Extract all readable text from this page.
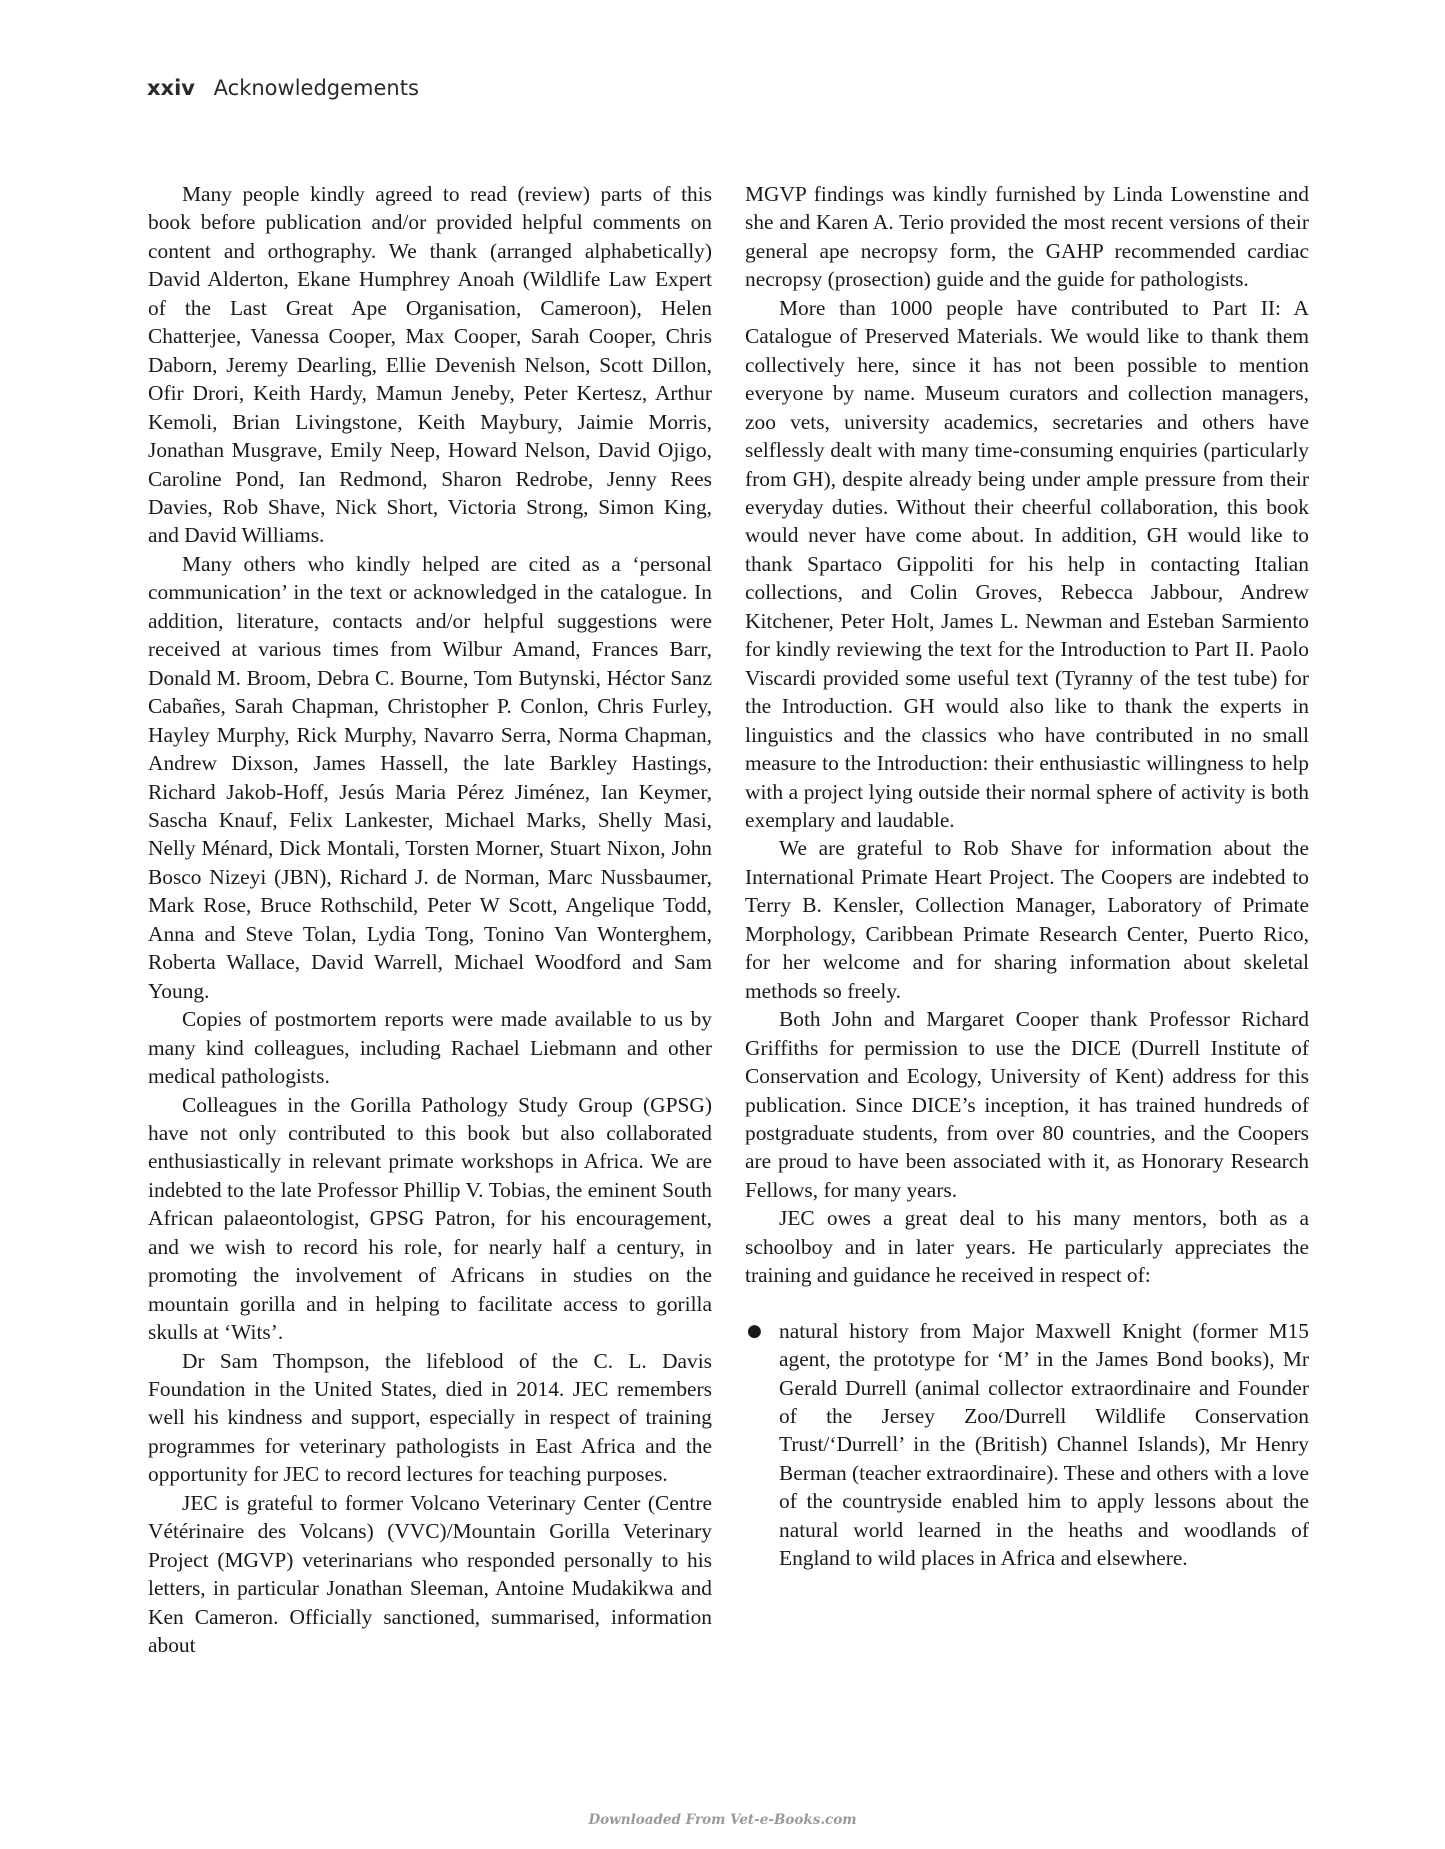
xxiv Acknowledgements

Many people kindly agreed to read (review) parts of this book before publication and/or provided helpful comments on content and orthography. We thank (arranged alphabetically) David Alderton, Ekane Humphrey Anoah (Wildlife Law Expert of the Last Great Ape Organisation, Cameroon), Helen Chatterjee, Vanessa Cooper, Max Cooper, Sarah Cooper, Chris Daborn, Jeremy Dearling, Ellie Devenish Nelson, Scott Dillon, Ofir Drori, Keith Hardy, Mamun Jeneby, Peter Kertesz, Arthur Kemoli, Brian Livingstone, Keith Maybury, Jaimie Morris, Jonathan Musgrave, Emily Neep, Howard Nelson, David Ojigo, Caroline Pond, Ian Redmond, Sharon Redrobe, Jenny Rees Davies, Rob Shave, Nick Short, Victoria Strong, Simon King, and David Williams.

Many others who kindly helped are cited as a ‘personal communication’ in the text or acknowledged in the catalogue. In addition, literature, contacts and/or helpful suggestions were received at various times from Wilbur Amand, Frances Barr, Donald M. Broom, Debra C. Bourne, Tom Butynski, Héctor Sanz Cabañes, Sarah Chapman, Christopher P. Conlon, Chris Furley, Hayley Murphy, Rick Murphy, Navarro Serra, Norma Chapman, Andrew Dixson, James Hassell, the late Barkley Hastings, Richard Jakob-Hoff, Jesús Maria Pérez Jiménez, Ian Keymer, Sascha Knauf, Felix Lankester, Michael Marks, Shelly Masi, Nelly Ménard, Dick Montali, Torsten Morner, Stuart Nixon, John Bosco Nizeyi (JBN), Richard J. de Norman, Marc Nussbaumer, Mark Rose, Bruce Rothschild, Peter W Scott, Angelique Todd, Anna and Steve Tolan, Lydia Tong, Tonino Van Wonterghem, Roberta Wallace, David Warrell, Michael Woodford and Sam Young.

Copies of postmortem reports were made available to us by many kind colleagues, including Rachael Liebmann and other medical pathologists.

Colleagues in the Gorilla Pathology Study Group (GPSG) have not only contributed to this book but also collaborated enthusiastically in relevant primate workshops in Africa. We are indebted to the late Professor Phillip V. Tobias, the eminent South African palaeontologist, GPSG Patron, for his encouragement, and we wish to record his role, for nearly half a century, in promoting the involvement of Africans in studies on the mountain gorilla and in helping to facilitate access to gorilla skulls at ‘Wits’.

Dr Sam Thompson, the lifeblood of the C. L. Davis Foundation in the United States, died in 2014. JEC remembers well his kindness and support, especially in respect of training programmes for veterinary pathologists in East Africa and the opportunity for JEC to record lectures for teaching purposes.

JEC is grateful to former Volcano Veterinary Center (Centre Vétérinaire des Volcans) (VVC)/Mountain Gorilla Veterinary Project (MGVP) veterinarians who responded personally to his letters, in particular Jonathan Sleeman, Antoine Mudakikwa and Ken Cameron. Officially sanctioned, summarised, information about

MGVP findings was kindly furnished by Linda Lowenstine and she and Karen A. Terio provided the most recent versions of their general ape necropsy form, the GAHP recommended cardiac necropsy (prosection) guide and the guide for pathologists.

More than 1000 people have contributed to Part II: A Catalogue of Preserved Materials. We would like to thank them collectively here, since it has not been possible to mention everyone by name. Museum curators and collection managers, zoo vets, university academics, secretaries and others have selflessly dealt with many time-consuming enquiries (particularly from GH), despite already being under ample pressure from their everyday duties. Without their cheerful collaboration, this book would never have come about. In addition, GH would like to thank Spartaco Gippoliti for his help in contacting Italian collections, and Colin Groves, Rebecca Jabbour, Andrew Kitchener, Peter Holt, James L. Newman and Esteban Sarmiento for kindly reviewing the text for the Introduction to Part II. Paolo Viscardi provided some useful text (Tyranny of the test tube) for the Introduction. GH would also like to thank the experts in linguistics and the classics who have contributed in no small measure to the Introduction: their enthusiastic willingness to help with a project lying outside their normal sphere of activity is both exemplary and laudable.

We are grateful to Rob Shave for information about the International Primate Heart Project. The Coopers are indebted to Terry B. Kensler, Collection Manager, Laboratory of Primate Morphology, Caribbean Primate Research Center, Puerto Rico, for her welcome and for sharing information about skeletal methods so freely.

Both John and Margaret Cooper thank Professor Richard Griffiths for permission to use the DICE (Durrell Institute of Conservation and Ecology, University of Kent) address for this publication. Since DICE’s inception, it has trained hundreds of postgraduate students, from over 80 countries, and the Coopers are proud to have been associated with it, as Honorary Research Fellows, for many years.

JEC owes a great deal to his many mentors, both as a schoolboy and in later years. He particularly appreciates the training and guidance he received in respect of:

● natural history from Major Maxwell Knight (former M15 agent, the prototype for ‘M’ in the James Bond books), Mr Gerald Durrell (animal collector extraordinaire and Founder of the Jersey Zoo/Durrell Wildlife Conservation Trust/‘Durrell’ in the (British) Channel Islands), Mr Henry Berman (teacher extraordinaire). These and others with a love of the countryside enabled him to apply lessons about the natural world learned in the heaths and woodlands of England to wild places in Africa and elsewhere.
Downloaded From Vet-e-Books.com
